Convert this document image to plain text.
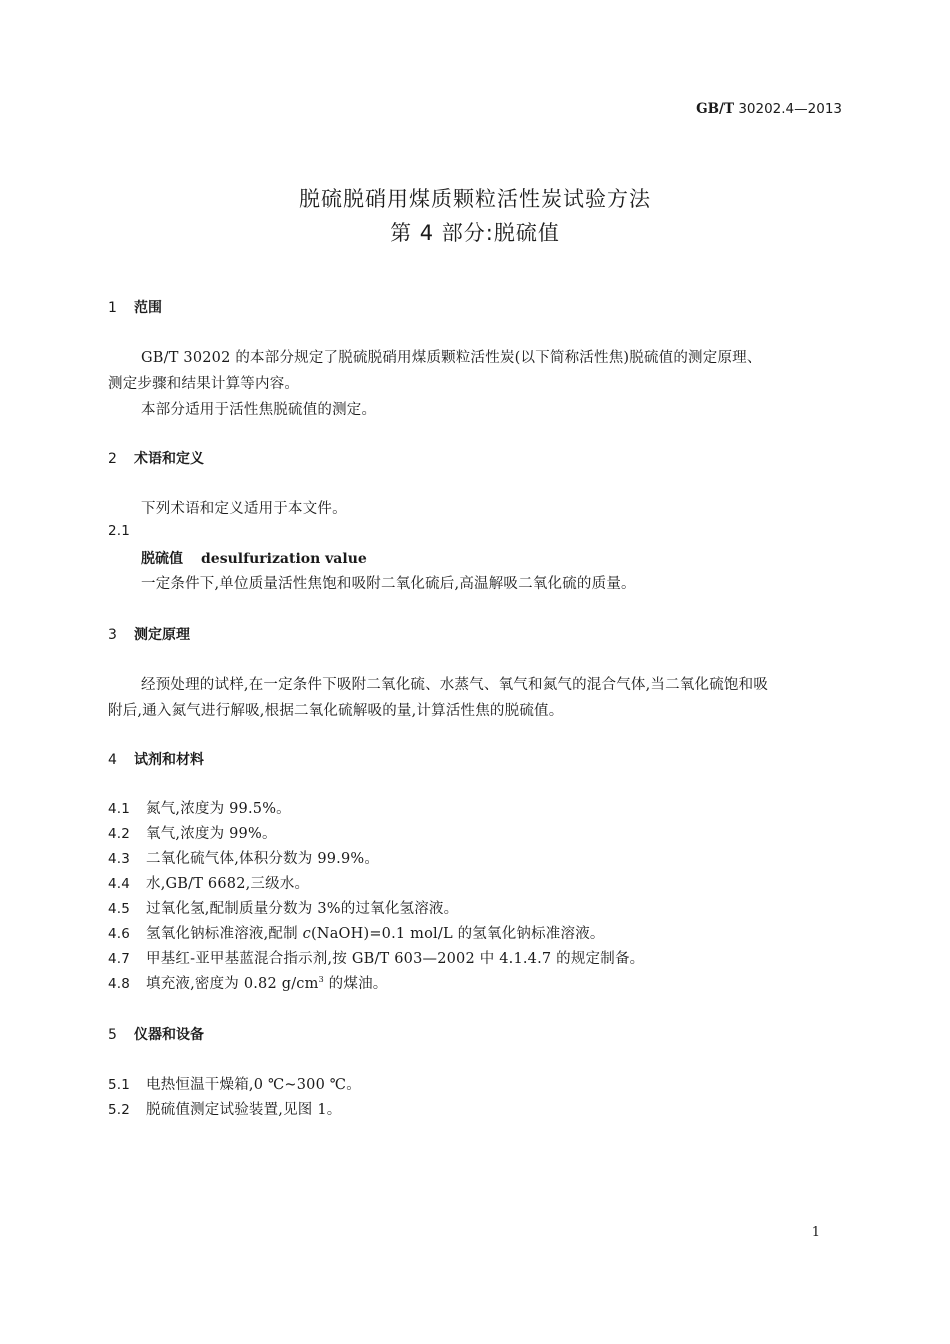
GB/T 30202.4—2013
脱硫脱硝用煤质颗粒活性炭试验方法
第 4 部分:脱硫值
1 范围
GB/T 30202 的本部分规定了脱硫脱硝用煤质颗粒活性炭(以下简称活性焦)脱硫值的测定原理、
测定步骤和结果计算等内容。
本部分适用于活性焦脱硫值的测定。
2 术语和定义
下列术语和定义适用于本文件。
2.1
脱硫值 desulfurization value
一定条件下,单位质量活性焦饱和吸附二氧化硫后,高温解吸二氧化硫的质量。
3 测定原理
经预处理的试样,在一定条件下吸附二氧化硫、水蒸气、氧气和氮气的混合气体,当二氧化硫饱和吸
附后,通入氮气进行解吸,根据二氧化硫解吸的量,计算活性焦的脱硫值。
4 试剂和材料
4.1 氮气,浓度为 99.5%。
4.2 氧气,浓度为 99%。
4.3 二氧化硫气体,体积分数为 99.9%。
4.4 水,GB/T 6682,三级水。
4.5 过氧化氢,配制质量分数为 3%的过氧化氢溶液。
4.6 氢氧化钠标准溶液,配制 c(NaOH)=0.1 mol/L 的氢氧化钠标准溶液。
4.7 甲基红-亚甲基蓝混合指示剂,按 GB/T 603—2002 中 4.1.4.7 的规定制备。
4.8 填充液,密度为 0.82 $g/cm^3$ 的煤油。
5 仪器和设备
5.1 电热恒温干燥箱,0 ℃~300 ℃。
5.2 脱硫值测定试验装置,见图 1。
1
